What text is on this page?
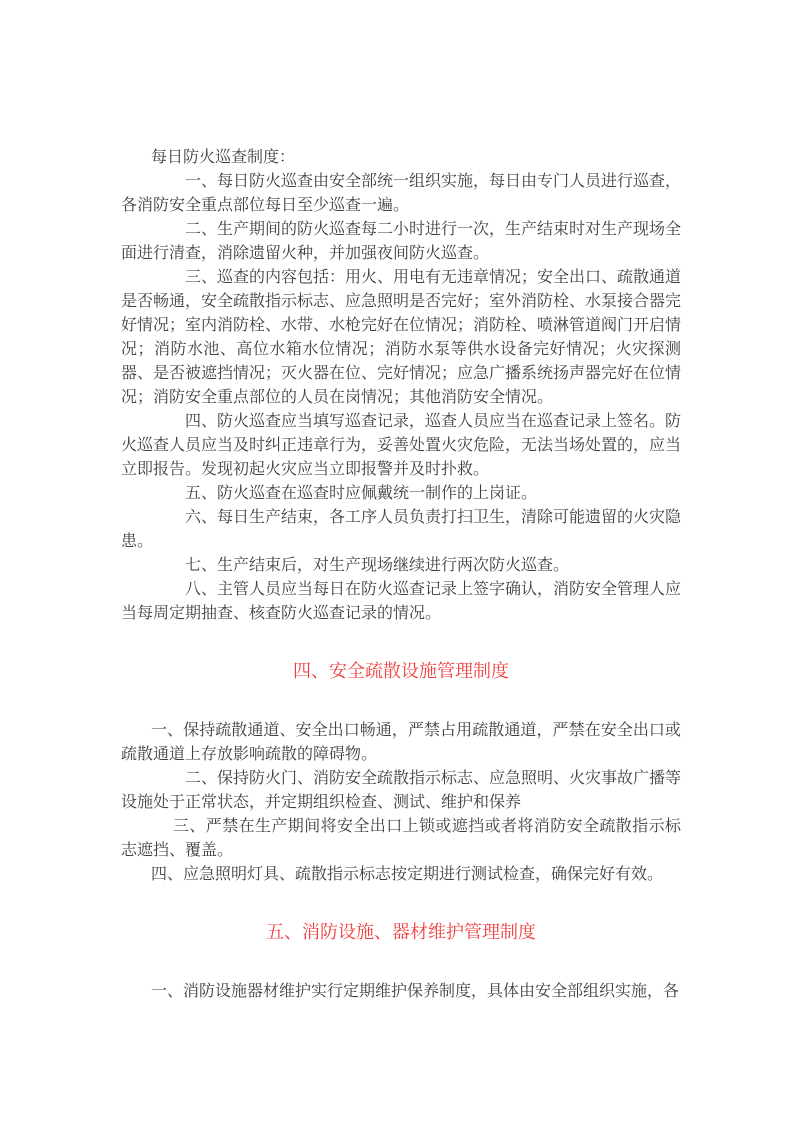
每日防火巡查制度：

一、每日防火巡查由安全部统一组织实施，每日由专门人员进行巡查，各消防安全重点部位每日至少巡查一遍。

二、生产期间的防火巡查每二小时进行一次，生产结束时对生产现场全面进行清查，消除遗留火种，并加强夜间防火巡查。

三、巡查的内容包括：用火、用电有无违章情况；安全出口、疏散通道是否畅通，安全疏散指示标志、应急照明是否完好；室外消防栓、水泵接合器完好情况；室内消防栓、水带、水枪完好在位情况；消防栓、喷淋管道阀门开启情况；消防水池、高位水箱水位情况；消防水泵等供水设备完好情况；火灾探测器、是否被遮挡情况；灭火器在位、完好情况；应急广播系统扬声器完好在位情况；消防安全重点部位的人员在岗情况；其他消防安全情况。

四、防火巡查应当填写巡查记录，巡查人员应当在巡查记录上签名。防火巡查人员应当及时纠正违章行为，妥善处置火灾危险，无法当场处置的，应当立即报告。发现初起火灾应当立即报警并及时扑救。

五、防火巡查在巡查时应佩戴统一制作的上岗证。

六、每日生产结束，各工序人员负责打扫卫生，清除可能遗留的火灾隐患。

七、生产结束后，对生产现场继续进行两次防火巡查。

八、主管人员应当每日在防火巡查记录上签字确认，消防安全管理人应当每周定期抽查、核查防火巡查记录的情况。

四、安全疏散设施管理制度

一、保持疏散通道、安全出口畅通，严禁占用疏散通道，严禁在安全出口或疏散通道上存放影响疏散的障碍物。

二、保持防火门、消防安全疏散指示标志、应急照明、火灾事故广播等设施处于正常状态，并定期组织检查、测试、维护和保养

三、严禁在生产期间将安全出口上锁或遮挡或者将消防安全疏散指示标志遮挡、覆盖。

四、应急照明灯具、疏散指示标志按定期进行测试检查，确保完好有效。

五、消防设施、器材维护管理制度

一、消防设施器材维护实行定期维护保养制度，具体由安全部组织实施，各
